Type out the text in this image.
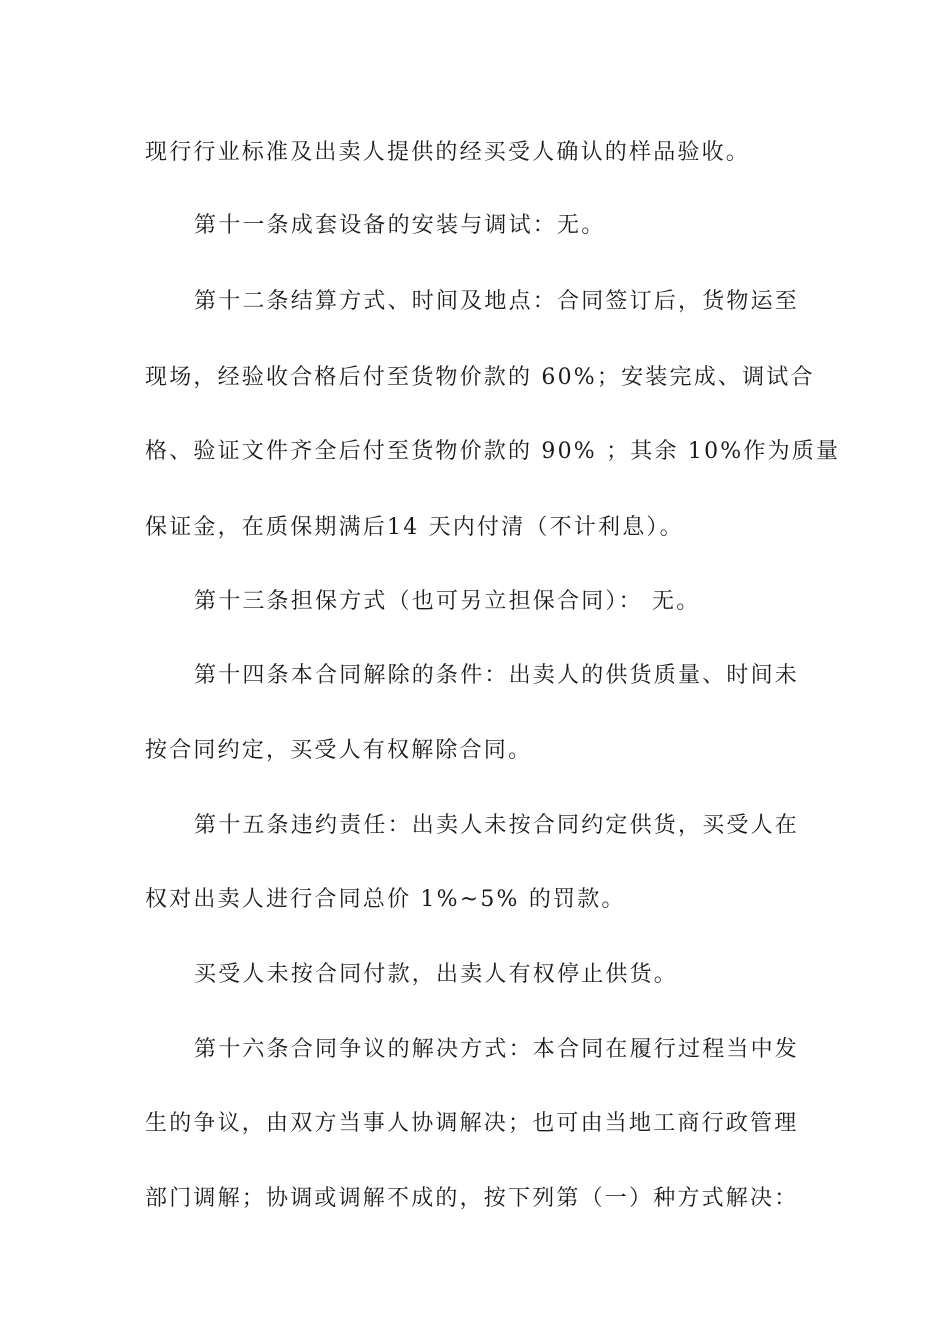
现行行业标准及出卖人提供的经买受人确认的样品验收。
第十一条成套设备的安装与调试：无。
第十二条结算方式、时间及地点：合同签订后，货物运至
现场，经验收合格后付至货物价款的 60%；安装完成、调试合
格、验证文件齐全后付至货物价款的 90% ；其余 10%作为质量
保证金，在质保期满后14 天内付清（不计利息）。
第十三条担保方式（也可另立担保合同）： 无。
第十四条本合同解除的条件：出卖人的供货质量、时间未
按合同约定，买受人有权解除合同。
第十五条违约责任：出卖人未按合同约定供货，买受人在
权对出卖人进行合同总价 1%~5% 的罚款。
买受人未按合同付款，出卖人有权停止供货。
第十六条合同争议的解决方式：本合同在履行过程当中发
生的争议，由双方当事人协调解决；也可由当地工商行政管理
部门调解；协调或调解不成的，按下列第（一）种方式解决：
